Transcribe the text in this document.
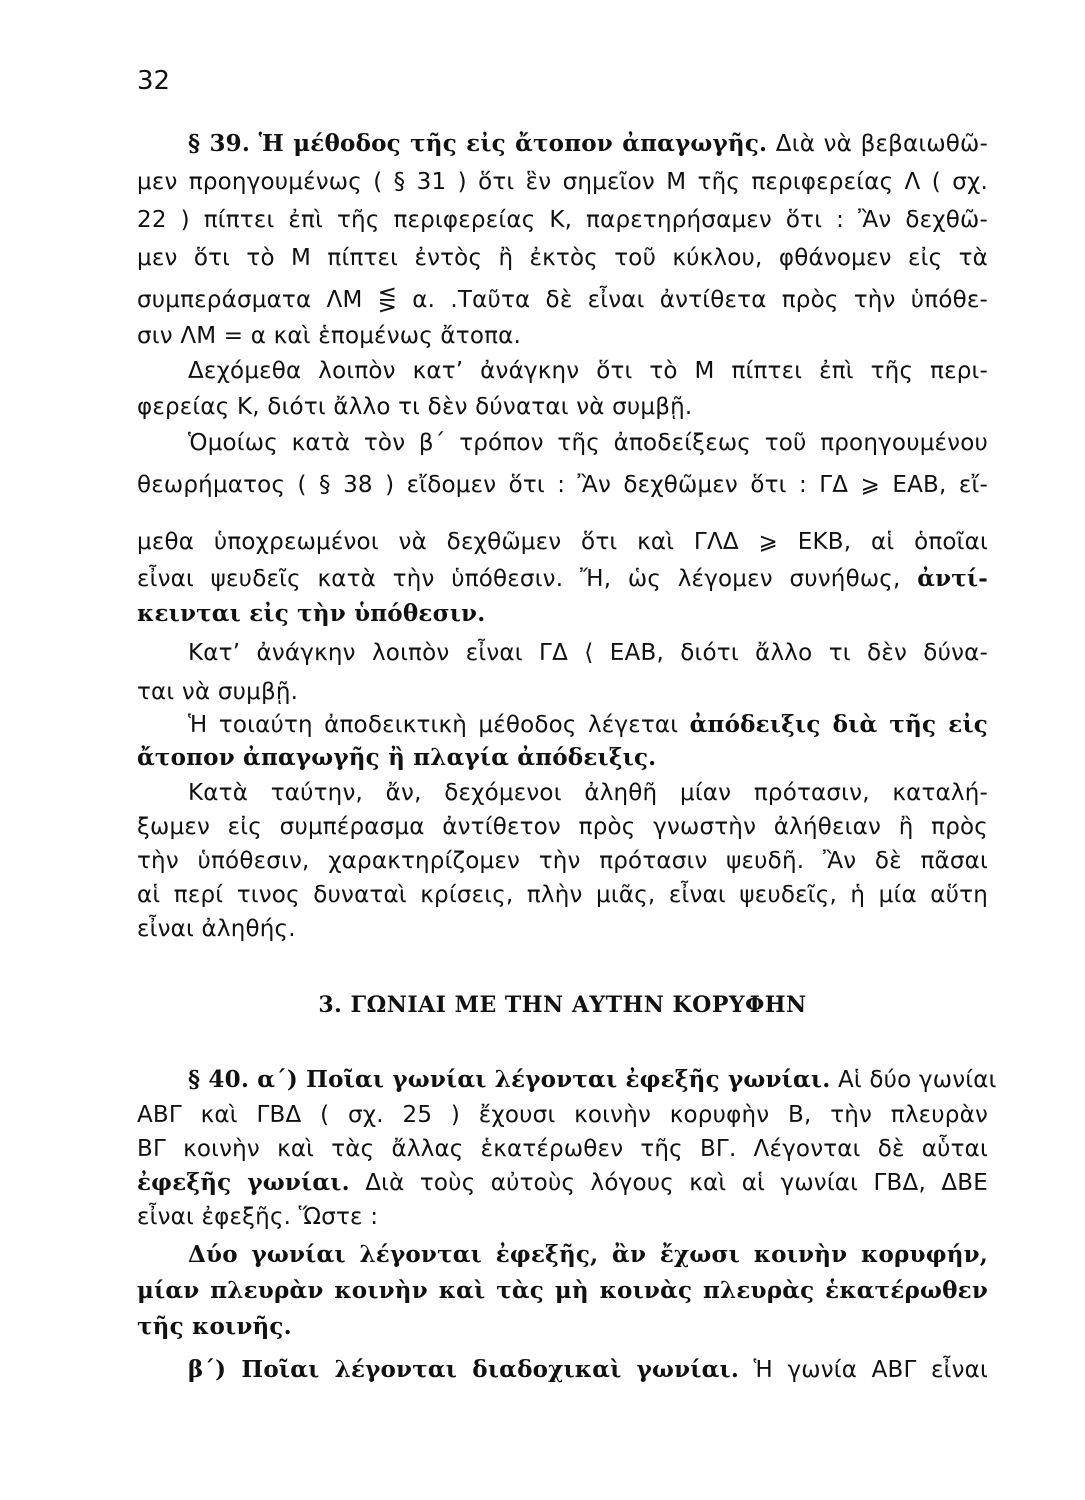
32
§ 39. Ἡ μέθοδος τῆς εἰς ἄτοπον ἀπαγωγῆς. Διὰ νὰ βεβαιωθῶ-
μεν προηγουμένως ( § 31 ) ὅτι ἓν σημεῖον Μ τῆς περιφερείας Λ ( σχ.
22 ) πίπτει ἐπὶ τῆς περιφερείας Κ, παρετηρήσαμεν ὅτι : Ἂν δεχθῶ-
μεν ὅτι τὸ Μ πίπτει ἐντὸς ἢ ἐκτὸς τοῦ κύκλου, φθάνομεν εἰς τὰ
συμπεράσματα ΛΜ ⋚ α. .Ταῦτα δὲ εἶναι ἀντίθετα πρὸς τὴν ὑπόθε-
σιν ΛΜ = α καὶ ἑπομένως ἄτοπα.
Δεχόμεθα λοιπὸν κατ’ ἀνάγκην ὅτι τὸ Μ πίπτει ἐπὶ τῆς περι-
φερείας Κ, διότι ἄλλο τι δὲν δύναται νὰ συμβῇ.
Ὁμοίως κατὰ τὸν β΄ τρόπον τῆς ἀποδείξεως τοῦ προηγουμένου
θεωρήματος ( § 38 ) εἴδομεν ὅτι : Ἂν δεχθῶμεν ὅτι : ΓΔ ⩾ ΕΑΒ, εἴ-
μεθα ὑποχρεωμένοι νὰ δεχθῶμεν ὅτι καὶ ΓΛΔ ⩾ ΕΚΒ, αἱ ὁποῖαι
εἶναι ψευδεῖς κατὰ τὴν ὑπόθεσιν. Ἤ, ὡς λέγομεν συνήθως, ἀντί-
κεινται εἰς τὴν ὑπόθεσιν.
Κατ’ ἀνάγκην λοιπὸν εἶναι ΓΔ ⟨ ΕΑΒ, διότι ἄλλο τι δὲν δύνα-
ται νὰ συμβῇ.
Ἡ τοιαύτη ἀποδεικτικὴ μέθοδος λέγεται ἀπόδειξις διὰ τῆς εἰς
ἄτοπον ἀπαγωγῆς ἢ πλαγία ἀπόδειξις.
Κατὰ ταύτην, ἄν, δεχόμενοι ἀληθῆ μίαν πρότασιν, καταλή-
ξωμεν εἰς συμπέρασμα ἀντίθετον πρὸς γνωστὴν ἀλήθειαν ἢ πρὸς
τὴν ὑπόθεσιν, χαρακτηρίζομεν τὴν πρότασιν ψευδῆ. Ἂν δὲ πᾶσαι
αἱ περί τινος δυναταὶ κρίσεις, πλὴν μιᾶς, εἶναι ψευδεῖς, ἡ μία αὕτη
εἶναι ἀληθής.
3. ΓΩΝΙΑΙ ΜΕ ΤΗΝ ΑΥΤΗΝ ΚΟΡΥΦΗΝ
§ 40. α΄) Ποῖαι γωνίαι λέγονται ἐφεξῆς γωνίαι. Αἱ δύο γωνίαι
ΑΒΓ καὶ ΓΒΔ ( σχ. 25 ) ἔχουσι κοινὴν κορυφὴν Β, τὴν πλευρὰν
ΒΓ κοινὴν καὶ τὰς ἄλλας ἑκατέρωθεν τῆς ΒΓ. Λέγονται δὲ αὗται
ἐφεξῆς γωνίαι. Διὰ τοὺς αὐτοὺς λόγους καὶ αἱ γωνίαι ΓΒΔ, ΔΒΕ
εἶναι ἐφεξῆς. Ὥστε :
Δύο γωνίαι λέγονται ἐφεξῆς, ἂν ἔχωσι κοινὴν κορυφήν,
μίαν πλευρὰν κοινὴν καὶ τὰς μὴ κοινὰς πλευρὰς ἑκατέρωθεν
τῆς κοινῆς.
β΄) Ποῖαι λέγονται διαδοχικαὶ γωνίαι. Ἡ γωνία ΑΒΓ εἶναι
